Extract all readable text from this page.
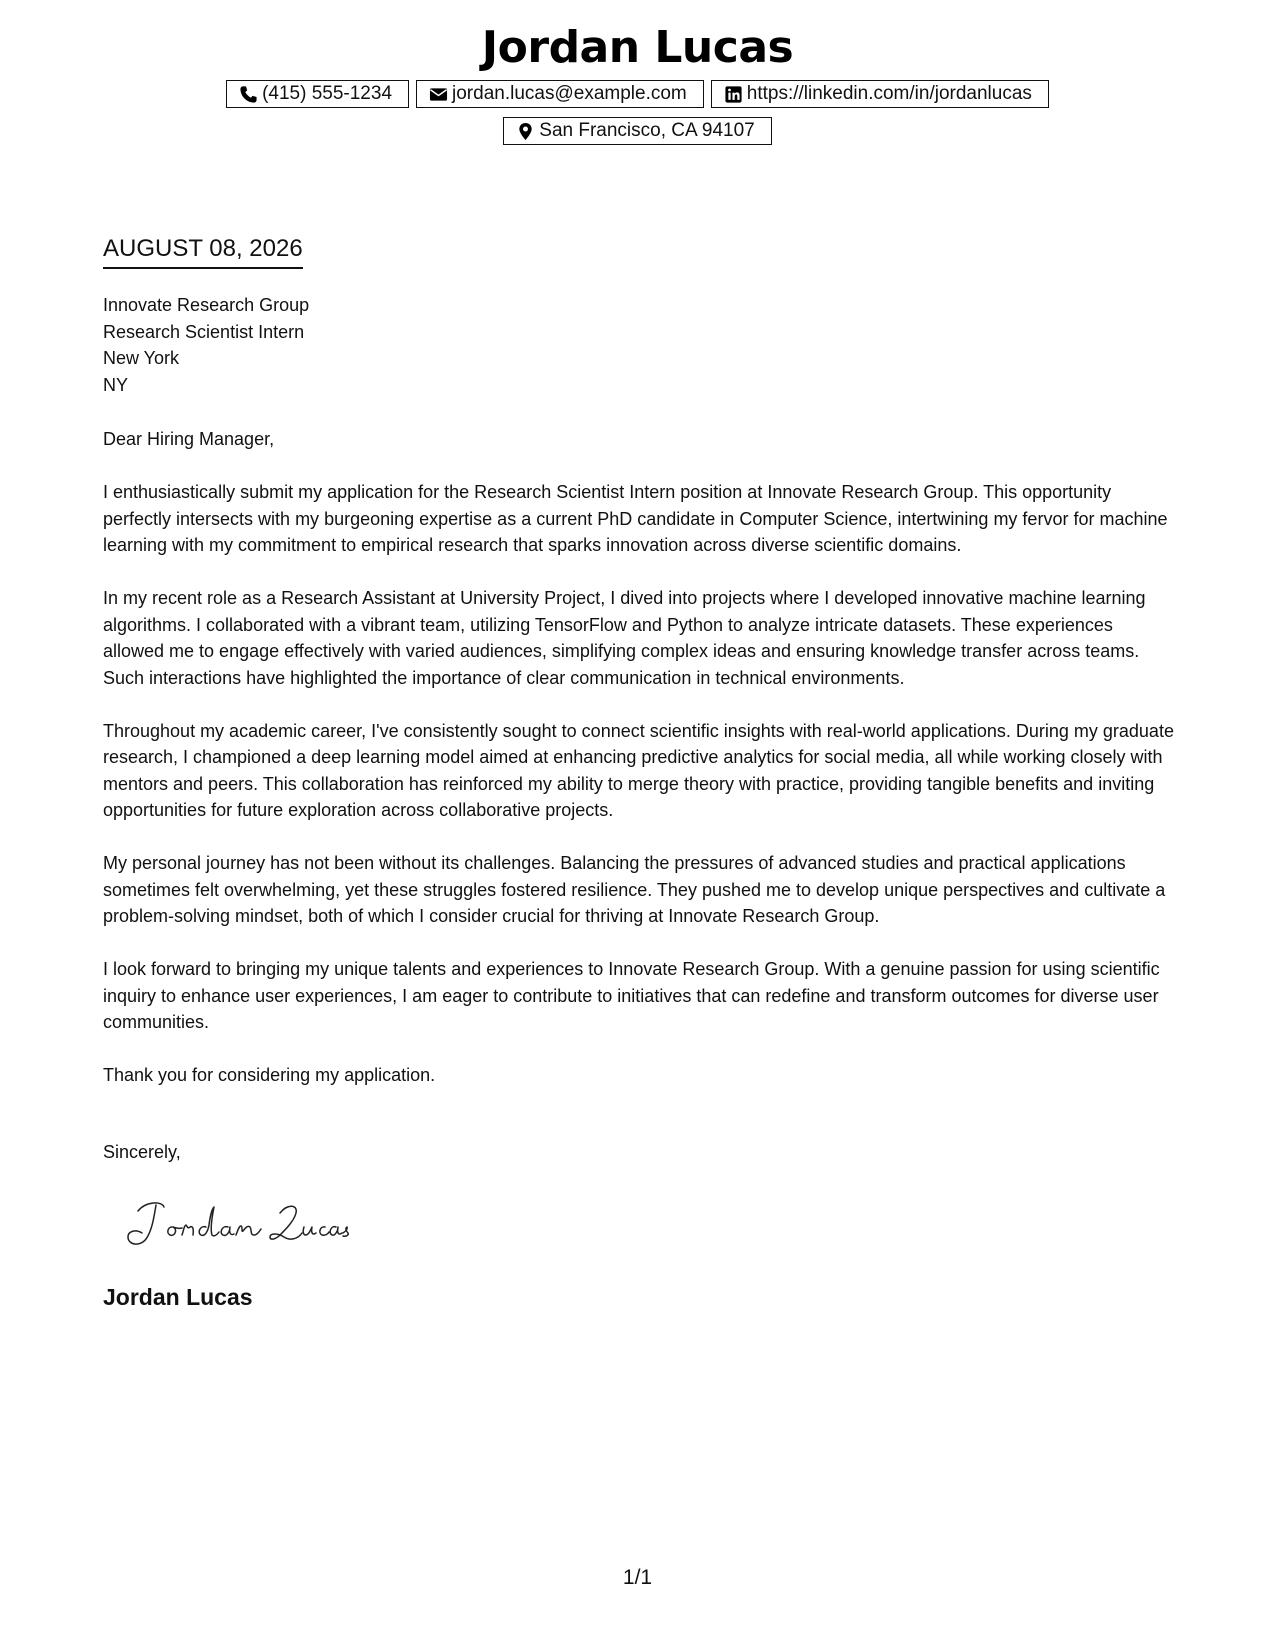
Jordan Lucas
(415) 555-1234	jordan.lucas@example.com	https://linkedin.com/in/jordanlucas
San Francisco, CA 94107
AUGUST 08, 2026
Innovate Research Group
Research Scientist Intern
New York
NY

Dear Hiring Manager,

I enthusiastically submit my application for the Research Scientist Intern position at Innovate Research Group. This opportunity perfectly intersects with my burgeoning expertise as a current PhD candidate in Computer Science, intertwining my fervor for machine learning with my commitment to empirical research that sparks innovation across diverse scientific domains.

In my recent role as a Research Assistant at University Project, I dived into projects where I developed innovative machine learning algorithms. I collaborated with a vibrant team, utilizing TensorFlow and Python to analyze intricate datasets. These experiences allowed me to engage effectively with varied audiences, simplifying complex ideas and ensuring knowledge transfer across teams. Such interactions have highlighted the importance of clear communication in technical environments.

Throughout my academic career, I've consistently sought to connect scientific insights with real-world applications. During my graduate research, I championed a deep learning model aimed at enhancing predictive analytics for social media, all while working closely with mentors and peers. This collaboration has reinforced my ability to merge theory with practice, providing tangible benefits and inviting opportunities for future exploration across collaborative projects.

My personal journey has not been without its challenges. Balancing the pressures of advanced studies and practical applications sometimes felt overwhelming, yet these struggles fostered resilience. They pushed me to develop unique perspectives and cultivate a problem-solving mindset, both of which I consider crucial for thriving at Innovate Research Group.

I look forward to bringing my unique talents and experiences to Innovate Research Group. With a genuine passion for using scientific inquiry to enhance user experiences, I am eager to contribute to initiatives that can redefine and transform outcomes for diverse user communities.

Thank you for considering my application.

Sincerely,
Jordan Lucas
1/1
